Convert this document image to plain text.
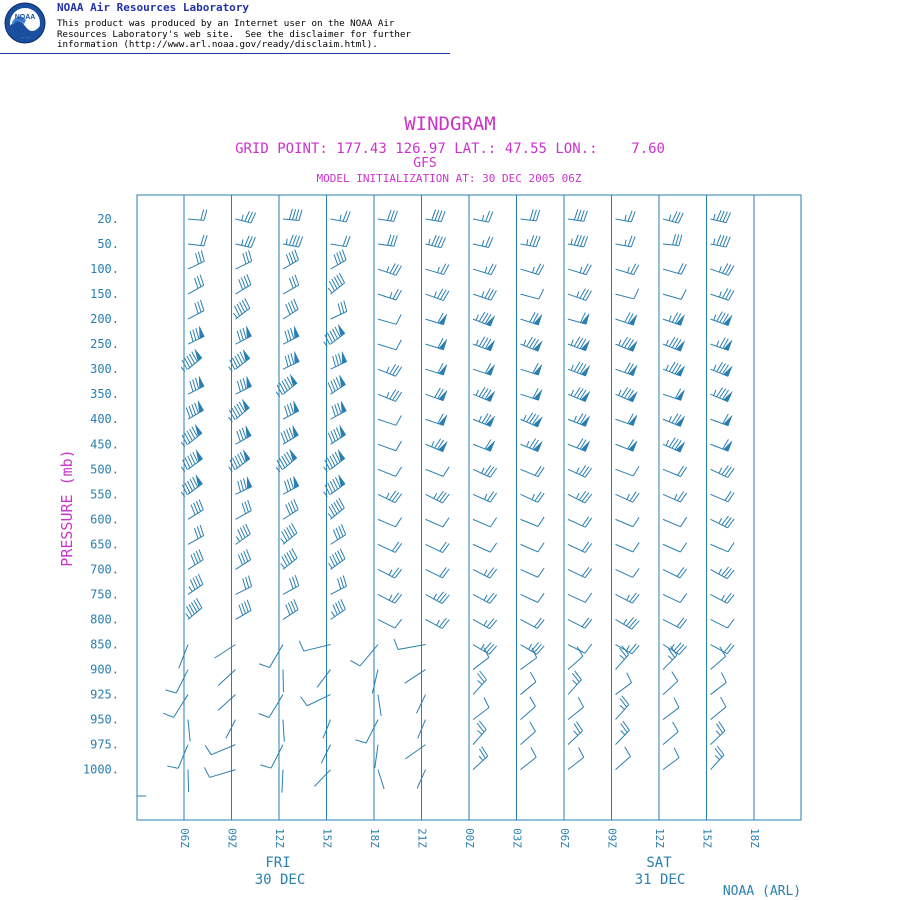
NOAA
NOAA Air Resources Laboratory
This product was produced by an Internet user on the NOAA Air
Resources Laboratory's web site.  See the disclaimer for further
information (http://www.arl.noaa.gov/ready/disclaim.html).
20.
50.
100.
150.
200.
250.
300.
350.
400.
450.
500.
550.
600.
650.
700.
750.
800.
850.
900.
925.
950.
975.
1000.
06Z	09Z	12Z	15Z	18Z	21Z	00Z	03Z	06Z	09Z	12Z	15Z	18Z
WINDGRAM
GRID POINT: 177.43 126.97 LAT.: 47.55 LON.:    7.60
GFS
MODEL INITIALIZATION AT: 30 DEC 2005 06Z
PRESSURE (mb)
FRI
30 DEC
SAT
31 DEC
NOAA (ARL)
